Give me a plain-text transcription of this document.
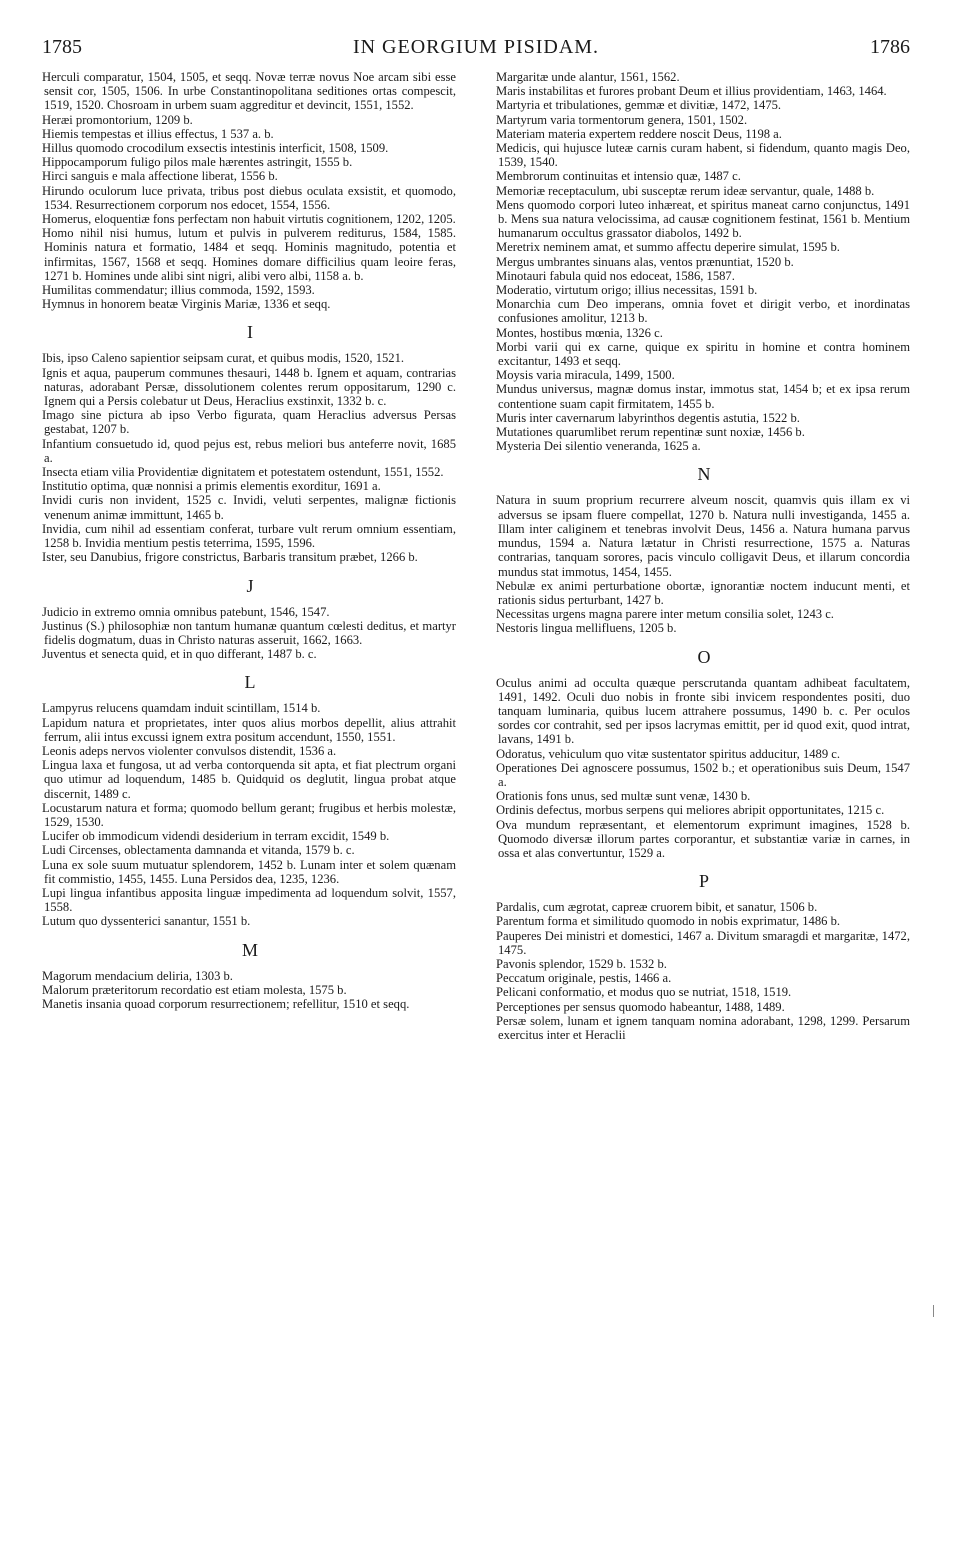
1785	IN GEORGIUM PISIDAM.	1786

Herculi comparatur, 1504, 1505, et seqq. Novæ terræ novus Noe arcam sibi esse sensit cor, 1505, 1506. In urbe Constantinopolitana seditiones ortas compescit, 1519, 1520. Chosroam in urbem suam aggreditur et devincit, 1551, 1552.

Heræi promontorium, 1209 b.

Hiemis tempestas et illius effectus, 1 537 a. b.

Hillus quomodo crocodilum exsectis intestinis interficit, 1508, 1509.

Hippocamporum fuligo pilos male hærentes astringit, 1555 b.

Hirci sanguis e mala affectione liberat, 1556 b.

Hirundo oculorum luce privata, tribus post diebus oculata exsistit, et quomodo, 1534. Resurrectionem corporum nos edocet, 1554, 1556.

Homerus, eloquentiæ fons perfectam non habuit virtutis cognitionem, 1202, 1205.

Homo nihil nisi humus, lutum et pulvis in pulverem rediturus, 1584, 1585. Hominis natura et formatio, 1484 et seqq. Hominis magnitudo, potentia et infirmitas, 1567, 1568 et seqq. Homines domare difficilius quam leoire feras, 1271 b. Homines unde alibi sint nigri, alibi vero albi, 1158 a. b.

Humilitas commendatur; illius commoda, 1592, 1593.

Hymnus in honorem beatæ Virginis Mariæ, 1336 et seqq.

I

Ibis, ipso Caleno sapientior seipsam curat, et quibus modis, 1520, 1521.

Ignis et aqua, pauperum communes thesauri, 1448 b. Ignem et aquam, contrarias naturas, adorabant Persæ, dissolutionem colentes rerum oppositarum, 1290 c. Ignem qui a Persis colebatur ut Deus, Heraclius exstinxit, 1332 b. c.

Imago sine pictura ab ipso Verbo figurata, quam Heraclius adversus Persas gestabat, 1207 b.

Infantium consuetudo id, quod pejus est, rebus meliori bus anteferre novit, 1685 a.

Insecta etiam vilia Providentiæ dignitatem et potestatem ostendunt, 1551, 1552.

Institutio optima, quæ nonnisi a primis elementis exorditur, 1691 a.

Invidi curis non invident, 1525 c. Invidi, veluti serpentes, malignæ fictionis venenum animæ immittunt, 1465 b.

Invidia, cum nihil ad essentiam conferat, turbare vult rerum omnium essentiam, 1258 b. Invidia mentium pestis teterrima, 1595, 1596.

Ister, seu Danubius, frigore constrictus, Barbaris transitum præbet, 1266 b.

J

Judicio in extremo omnia omnibus patebunt, 1546, 1547.

Justinus (S.) philosophiæ non tantum humanæ quantum cœlesti deditus, et martyr fidelis dogmatum, duas in Christo naturas asseruit, 1662, 1663.

Juventus et senecta quid, et in quo differant, 1487 b. c.

L

Lampyrus relucens quamdam induit scintillam, 1514 b.

Lapidum natura et proprietates, inter quos alius morbos depellit, alius attrahit ferrum, alii intus excussi ignem extra positum accendunt, 1550, 1551.

Leonis adeps nervos violenter convulsos distendit, 1536 a.

Lingua laxa et fungosa, ut ad verba contorquenda sit apta, et fiat plectrum organi quo utimur ad loquendum, 1485 b. Quidquid os deglutit, lingua probat atque discernit, 1489 c.

Locustarum natura et forma; quomodo bellum gerant; frugibus et herbis molestæ, 1529, 1530.

Lucifer ob immodicum videndi desiderium in terram excidit, 1549 b.

Ludi Circenses, oblectamenta damnanda et vitanda, 1579 b. c.

Luna ex sole suum mutuatur splendorem, 1452 b. Lunam inter et solem quænam fit commistio, 1455, 1455. Luna Persidos dea, 1235, 1236.

Lupi lingua infantibus apposita linguæ impedimenta ad loquendum solvit, 1557, 1558.

Lutum quo dyssenterici sanantur, 1551 b.

M

Magorum mendacium deliria, 1303 b.

Malorum præteritorum recordatio est etiam molesta, 1575 b.

Manetis insania quoad corporum resurrectionem; refellitur, 1510 et seqq.

Margaritæ unde alantur, 1561, 1562.

Maris instabilitas et furores probant Deum et illius providentiam, 1463, 1464.

Martyria et tribulationes, gemmæ et divitiæ, 1472, 1475.

Martyrum varia tormentorum genera, 1501, 1502.

Materiam materia expertem reddere noscit Deus, 1198 a.

Medicis, qui hujusce luteæ carnis curam habent, si fidendum, quanto magis Deo, 1539, 1540.

Membrorum continuitas et intensio quæ, 1487 c.

Memoriæ receptaculum, ubi susceptæ rerum ideæ servantur, quale, 1488 b.

Mens quomodo corpori luteo inhæreat, et spiritus maneat carno conjunctus, 1491 b. Mens sua natura velocissima, ad causæ cognitionem festinat, 1561 b. Mentium humanarum occultus grassator diabolos, 1492 b.

Meretrix neminem amat, et summo affectu deperire simulat, 1595 b.

Mergus umbrantes sinuans alas, ventos prænuntiat, 1520 b.

Minotauri fabula quid nos edoceat, 1586, 1587.

Moderatio, virtutum origo; illius necessitas, 1591 b.

Monarchia cum Deo imperans, omnia fovet et dirigit verbo, et inordinatas confusiones amolitur, 1213 b.

Montes, hostibus mœnia, 1326 c.

Morbi varii qui ex carne, quique ex spiritu in homine et contra hominem excitantur, 1493 et seqq.

Moysis varia miracula, 1499, 1500.

Mundus universus, magnæ domus instar, immotus stat, 1454 b; et ex ipsa rerum contentione suam capit firmitatem, 1455 b.

Muris inter cavernarum labyrinthos degentis astutia, 1522 b.

Mutationes quarumlibet rerum repentinæ sunt noxiæ, 1456 b.

Mysteria Dei silentio veneranda, 1625 a.

N

Natura in suum proprium recurrere alveum noscit, quamvis quis illam ex vi adversus se ipsam fluere compellat, 1270 b. Natura nulli investiganda, 1455 a. Illam inter caliginem et tenebras involvit Deus, 1456 a. Natura humana parvus mundus, 1594 a. Natura lætatur in Christi resurrectione, 1575 a. Naturas contrarias, tanquam sorores, pacis vinculo colligavit Deus, et illarum concordia mundus stat immotus, 1454, 1455.

Nebulæ ex animi perturbatione obortæ, ignorantiæ noctem inducunt menti, et rationis sidus perturbant, 1427 b.

Necessitas urgens magna parere inter metum consilia solet, 1243 c.

Nestoris lingua mellifluens, 1205 b.

O

Oculus animi ad occulta quæque perscrutanda quantam adhibeat facultatem, 1491, 1492. Oculi duo nobis in fronte sibi invicem respondentes positi, duo tanquam luminaria, quibus lucem attrahere possumus, 1490 b. c. Per oculos sordes cor contrahit, sed per ipsos lacrymas emittit, per id quod exit, quod intrat, lavans, 1491 b.

Odoratus, vehiculum quo vitæ sustentator spiritus adducitur, 1489 c.

Operationes Dei agnoscere possumus, 1502 b.; et operationibus suis Deum, 1547 a.

Orationis fons unus, sed multæ sunt venæ, 1430 b.

Ordinis defectus, morbus serpens qui meliores abripit opportunitates, 1215 c.

Ova mundum repræsentant, et elementorum exprimunt imagines, 1528 b. Quomodo diversæ illorum partes corporantur, et substantiæ variæ in carnes, in ossa et alas convertuntur, 1529 a.

P

Pardalis, cum ægrotat, capreæ cruorem bibit, et sanatur, 1506 b.

Parentum forma et similitudo quomodo in nobis exprimatur, 1486 b.

Pauperes Dei ministri et domestici, 1467 a. Divitum smaragdi et margaritæ, 1472, 1475.

Pavonis splendor, 1529 b. 1532 b.

Peccatum originale, pestis, 1466 a.

Pelicani conformatio, et modus quo se nutriat, 1518, 1519.

Perceptiones per sensus quomodo habeantur, 1488, 1489.

Persæ solem, lunam et ignem tanquam nomina adorabant, 1298, 1299. Persarum exercitus inter et Heraclii
